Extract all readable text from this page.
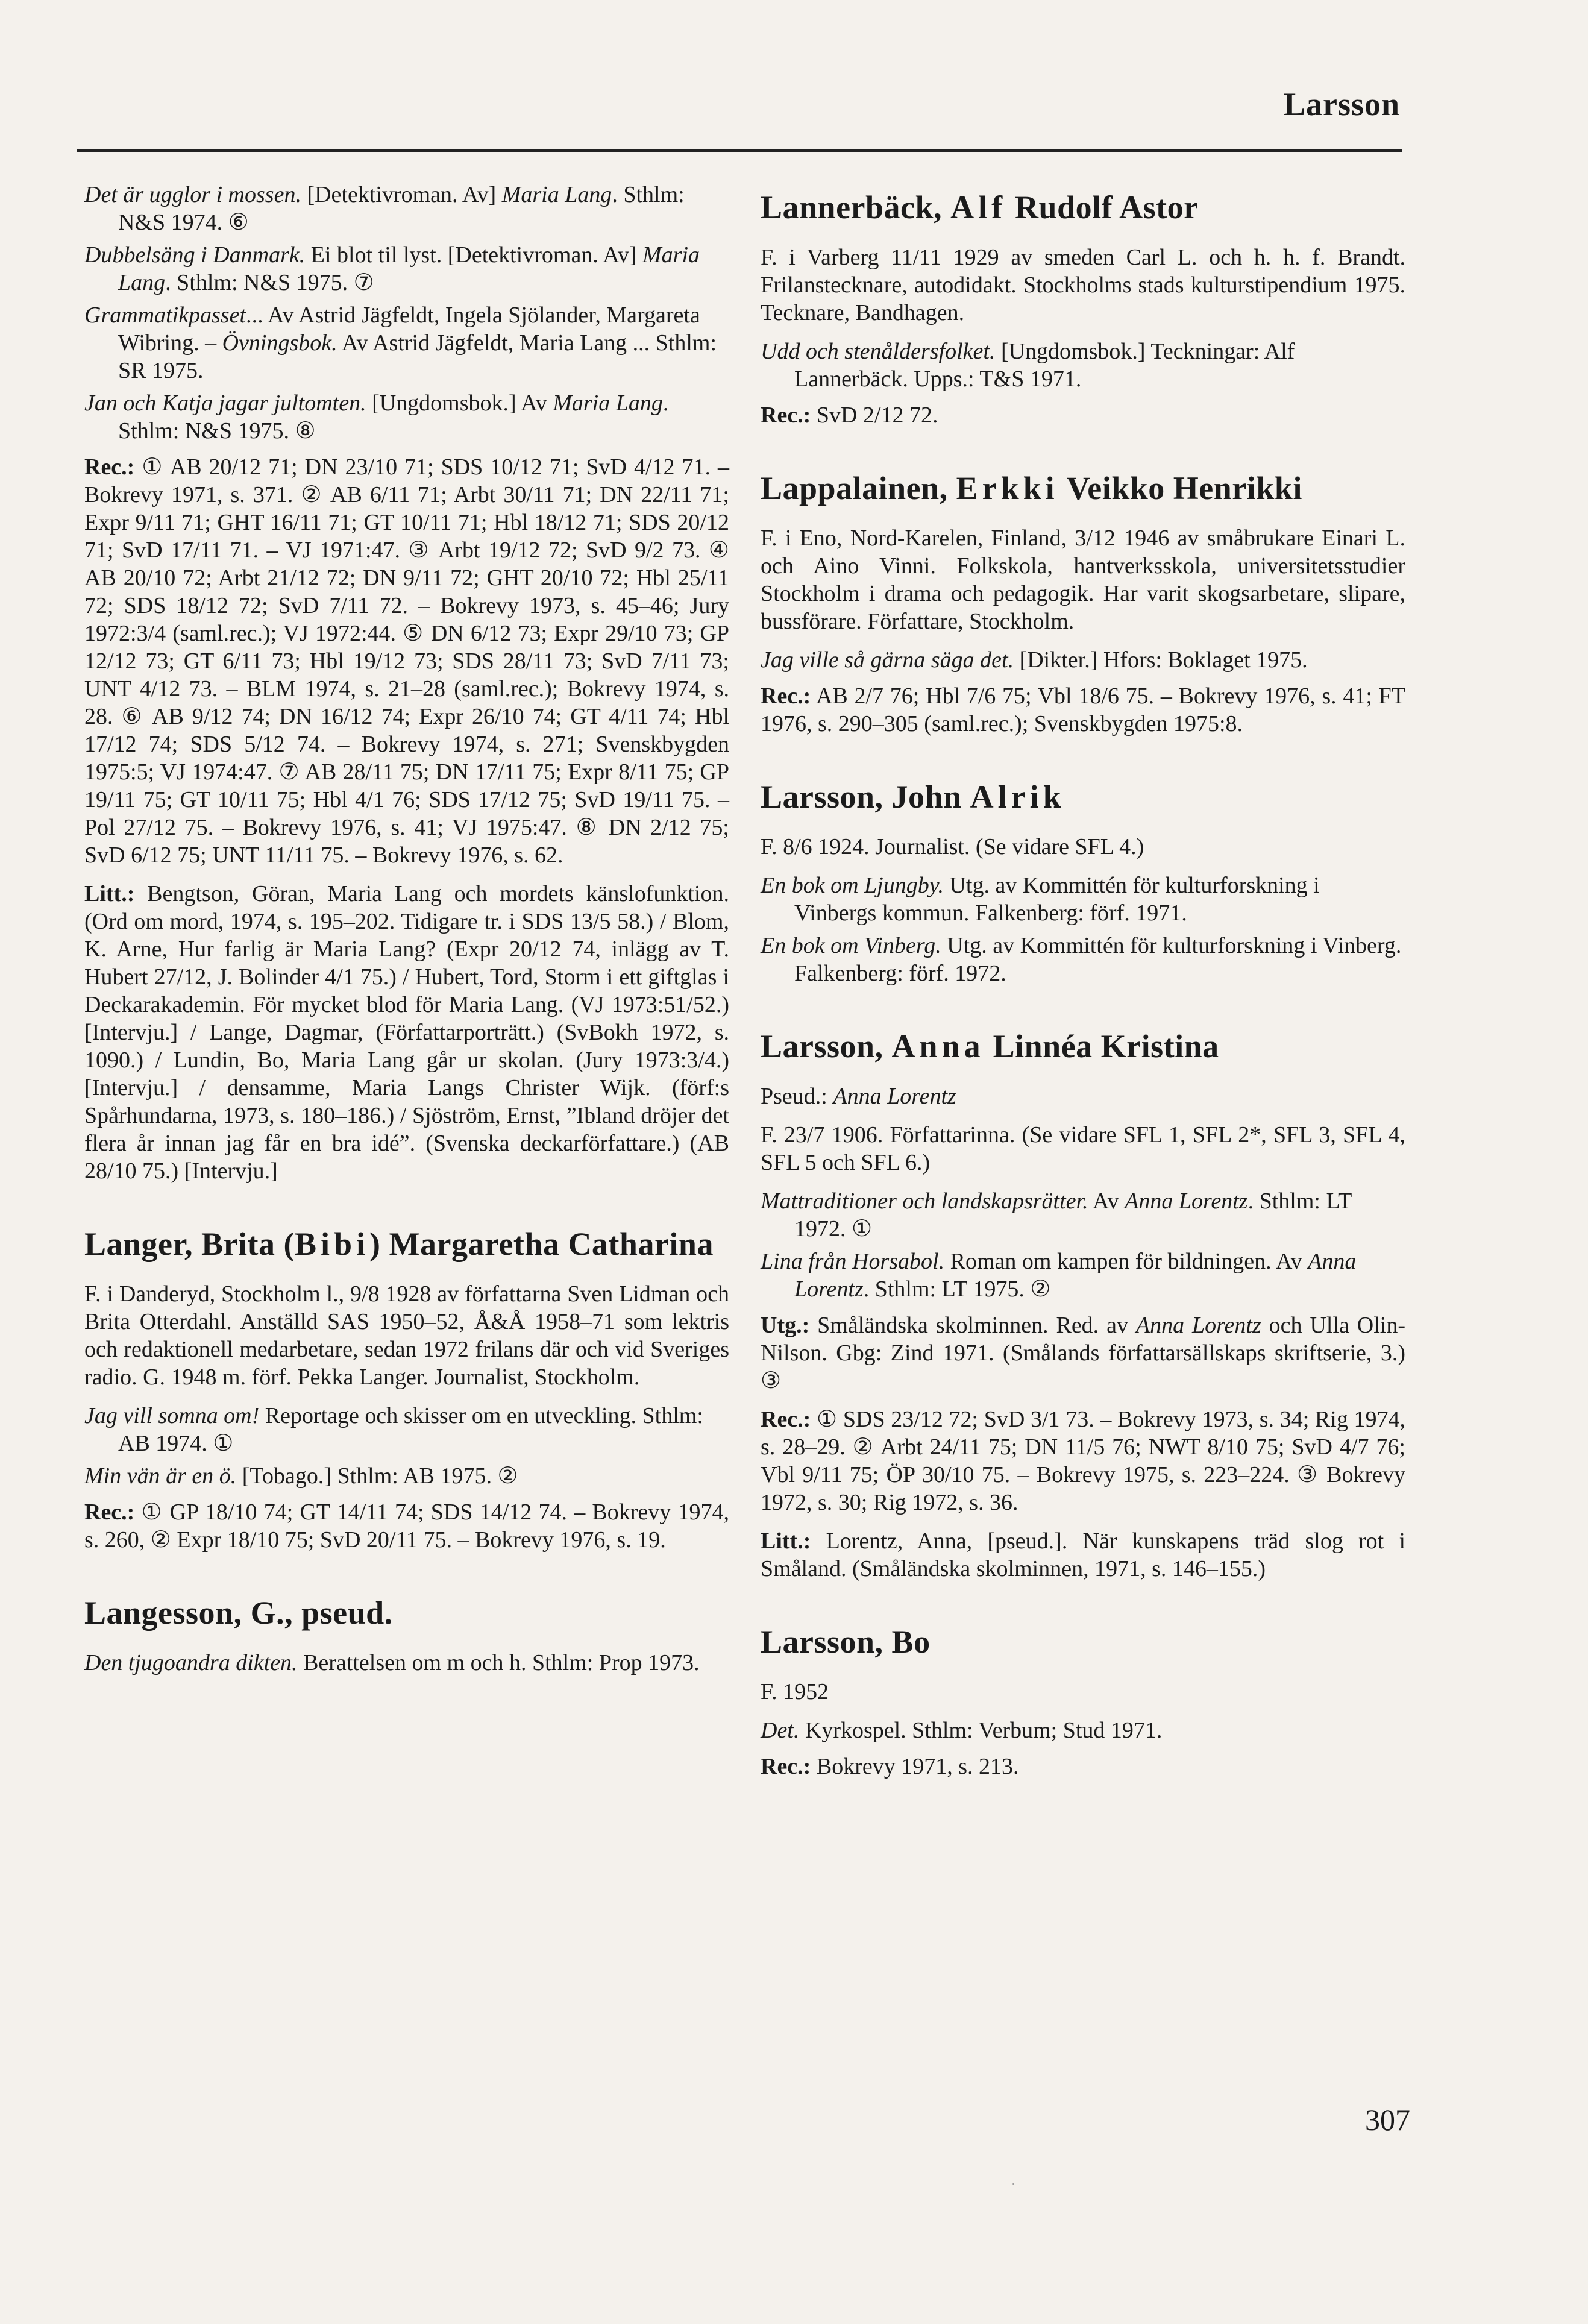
Larsson
Det är ugglor i mossen. [Detektivroman. Av] Maria Lang. Sthlm: N&S 1974. ⑥
Dubbelsäng i Danmark. Ei blot til lyst. [Detektivroman. Av] Maria Lang. Sthlm: N&S 1975. ⑦
Grammatikpasset... Av Astrid Jägfeldt, Ingela Sjölander, Margareta Wibring. – Övningsbok. Av Astrid Jägfeldt, Maria Lang ... Sthlm: SR 1975.
Jan och Katja jagar jultomten. [Ungdomsbok.] Av Maria Lang. Sthlm: N&S 1975. ⑧

Rec.: ① AB 20/12 71; DN 23/10 71; SDS 10/12 71; SvD 4/12 71. – Bokrevy 1971, s. 371. ② AB 6/11 71; Arbt 30/11 71; DN 22/11 71; Expr 9/11 71; GHT 16/11 71; GT 10/11 71; Hbl 18/12 71; SDS 20/12 71; SvD 17/11 71. – VJ 1971:47. ③ Arbt 19/12 72; SvD 9/2 73. ④ AB 20/10 72; Arbt 21/12 72; DN 9/11 72; GHT 20/10 72; Hbl 25/11 72; SDS 18/12 72; SvD 7/11 72. – Bokrevy 1973, s. 45–46; Jury 1972:3/4 (saml.rec.); VJ 1972:44. ⑤ DN 6/12 73; Expr 29/10 73; GP 12/12 73; GT 6/11 73; Hbl 19/12 73; SDS 28/11 73; SvD 7/11 73; UNT 4/12 73. – BLM 1974, s. 21–28 (saml.rec.); Bokrevy 1974, s. 28. ⑥ AB 9/12 74; DN 16/12 74; Expr 26/10 74; GT 4/11 74; Hbl 17/12 74; SDS 5/12 74. – Bokrevy 1974, s. 271; Svenskbygden 1975:5; VJ 1974:47. ⑦ AB 28/11 75; DN 17/11 75; Expr 8/11 75; GP 19/11 75; GT 10/11 75; Hbl 4/1 76; SDS 17/12 75; SvD 19/11 75. – Pol 27/12 75. – Bokrevy 1976, s. 41; VJ 1975:47. ⑧ DN 2/12 75; SvD 6/12 75; UNT 11/11 75. – Bokrevy 1976, s. 62.

Litt.: Bengtson, Göran, Maria Lang och mordets känslofunktion. (Ord om mord, 1974, s. 195–202. Tidigare tr. i SDS 13/5 58.) / Blom, K. Arne, Hur farlig är Maria Lang? (Expr 20/12 74, inlägg av T. Hubert 27/12, J. Bolinder 4/1 75.) / Hubert, Tord, Storm i ett giftglas i Deckarakademin. För mycket blod för Maria Lang. (VJ 1973:51/52.) [Intervju.] / Lange, Dagmar, (Författarporträtt.) (SvBokh 1972, s. 1090.) / Lundin, Bo, Maria Lang går ur skolan. (Jury 1973:3/4.) [Intervju.] / densamme, Maria Langs Christer Wijk. (förf:s Spårhundarna, 1973, s. 180–186.) / Sjöström, Ernst, ”Ibland dröjer det flera år innan jag får en bra idé”. (Svenska deckarförfattare.) (AB 28/10 75.) [Intervju.]

Langer, Brita (Bibi) Margaretha Catharina

F. i Danderyd, Stockholm l., 9/8 1928 av författarna Sven Lidman och Brita Otterdahl. Anställd SAS 1950–52, Å&Å 1958–71 som lektris och redaktionell medarbetare, sedan 1972 frilans där och vid Sveriges radio. G. 1948 m. förf. Pekka Langer. Journalist, Stockholm.

Jag vill somna om! Reportage och skisser om en utveckling. Sthlm: AB 1974. ①
Min vän är en ö. [Tobago.] Sthlm: AB 1975. ②

Rec.: ① GP 18/10 74; GT 14/11 74; SDS 14/12 74. – Bokrevy 1974, s. 260, ② Expr 18/10 75; SvD 20/11 75. – Bokrevy 1976, s. 19.

Langesson, G., pseud.
Den tjugoandra dikten. Berattelsen om m och h. Sthlm: Prop 1973.
Lannerbäck, Alf Rudolf Astor

F. i Varberg 11/11 1929 av smeden Carl L. och h. h. f. Brandt. Frilanstecknare, autodidakt. Stockholms stads kulturstipendium 1975. Tecknare, Bandhagen.

Udd och stenåldersfolket. [Ungdomsbok.] Teckningar: Alf Lannerbäck. Upps.: T&S 1971.

Rec.: SvD 2/12 72.

Lappalainen, Erkki Veikko Henrikki

F. i Eno, Nord-Karelen, Finland, 3/12 1946 av småbrukare Einari L. och Aino Vinni. Folkskola, hantverksskola, universitetsstudier Stockholm i drama och pedagogik. Har varit skogsarbetare, slipare, bussförare. Författare, Stockholm.

Jag ville så gärna säga det. [Dikter.] Hfors: Boklaget 1975.

Rec.: AB 2/7 76; Hbl 7/6 75; Vbl 18/6 75. – Bokrevy 1976, s. 41; FT 1976, s. 290–305 (saml.rec.); Svenskbygden 1975:8.

Larsson, John Alrik

F. 8/6 1924. Journalist. (Se vidare SFL 4.)

En bok om Ljungby. Utg. av Kommittén för kulturforskning i Vinbergs kommun. Falkenberg: förf. 1971.
En bok om Vinberg. Utg. av Kommittén för kulturforskning i Vinberg. Falkenberg: förf. 1972.
Larsson, Anna Linnéa Kristina

Pseud.: Anna Lorentz

F. 23/7 1906. Författarinna. (Se vidare SFL 1, SFL 2*, SFL 3, SFL 4, SFL 5 och SFL 6.)

Mattraditioner och landskapsrätter. Av Anna Lorentz. Sthlm: LT 1972. ①
Lina från Horsabol. Roman om kampen för bildningen. Av Anna Lorentz. Sthlm: LT 1975. ②

Utg.: Småländska skolminnen. Red. av Anna Lorentz och Ulla Olin-Nilson. Gbg: Zind 1971. (Smålands författarsällskaps skriftserie, 3.) ③

Rec.: ① SDS 23/12 72; SvD 3/1 73. – Bokrevy 1973, s. 34; Rig 1974, s. 28–29. ② Arbt 24/11 75; DN 11/5 76; NWT 8/10 75; SvD 4/7 76; Vbl 9/11 75; ÖP 30/10 75. – Bokrevy 1975, s. 223–224. ③ Bokrevy 1972, s. 30; Rig 1972, s. 36.

Litt.: Lorentz, Anna, [pseud.]. När kunskapens träd slog rot i Småland. (Småländska skolminnen, 1971, s. 146–155.)

Larsson, Bo

F. 1952

Det. Kyrkospel. Sthlm: Verbum; Stud 1971.

Rec.: Bokrevy 1971, s. 213.

307
